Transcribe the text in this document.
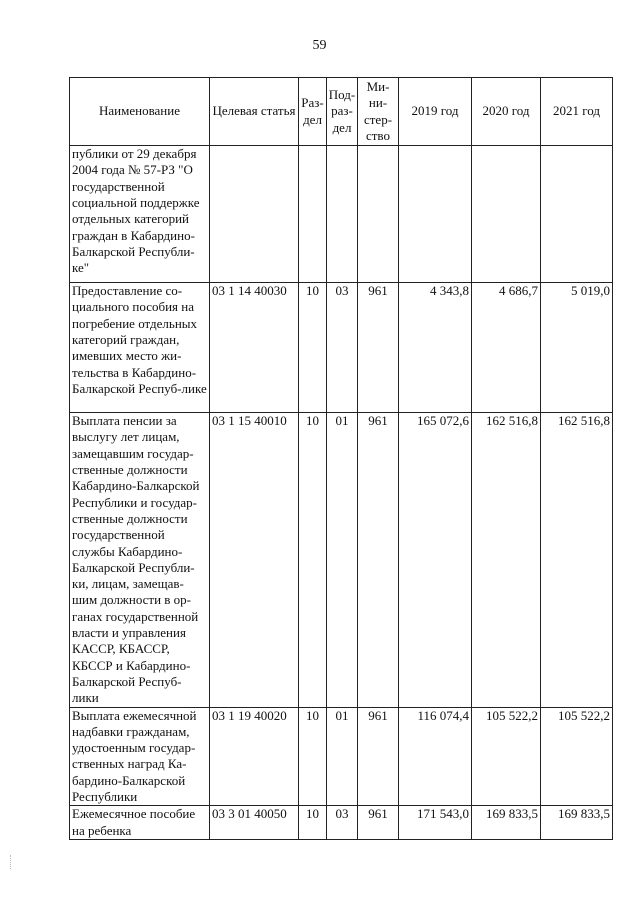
59
Наименование	Целевая статья	Раз-дел	Под-раз-дел	Ми-ни-стер-ство	2019 год	2020 год	2021 год
публики от 29 декабря 2004 года № 57-РЗ "О государственной социальной поддержке отдельных категорий граждан в Кабардино-Балкарской Республи-ке"							
Предоставление со-циального пособия на погребение отдельных категорий граждан, имевших место жи-тельства в Кабардино-Балкарской Респуб-лике	03 1 14 40030	10	03	961	4 343,8	4 686,7	5 019,0
Выплата пенсии за выслугу лет лицам, замещавшим государ-ственные должности Кабардино-Балкарской Республики и государ-ственные должности государственной службы Кабардино-Балкарской Республи-ки, лицам, замещав-шим должности в ор-ганах государственной власти и управления КАССР, КБАССР, КБССР и Кабардино-Балкарской Респуб-лики	03 1 15 40010	10	01	961	165 072,6	162 516,8	162 516,8
Выплата ежемесячной надбавки гражданам, удостоенным государ-ственных наград Ка-бардино-Балкарской Республики	03 1 19 40020	10	01	961	116 074,4	105 522,2	105 522,2
Ежемесячное пособие на ребенка	03 3 01 40050	10	03	961	171 543,0	169 833,5	169 833,5
